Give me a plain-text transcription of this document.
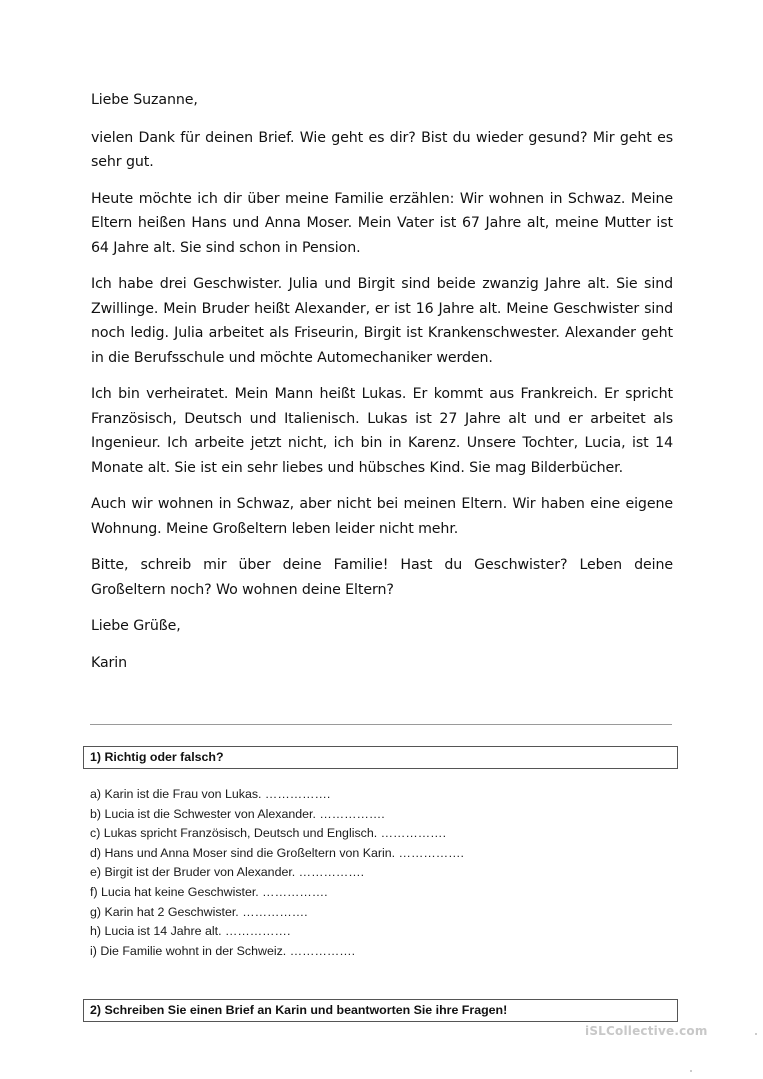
Liebe Suzanne,

vielen Dank für deinen Brief. Wie geht es dir? Bist du wieder gesund? Mir geht es sehr gut.

Heute möchte ich dir über meine Familie erzählen: Wir wohnen in Schwaz. Meine Eltern heißen Hans und Anna Moser. Mein Vater ist 67 Jahre alt, meine Mutter ist 64 Jahre alt. Sie sind schon in Pension.

Ich habe drei Geschwister. Julia und Birgit sind beide zwanzig Jahre alt. Sie sind Zwillinge. Mein Bruder heißt Alexander, er ist 16 Jahre alt. Meine Geschwister sind noch ledig. Julia arbeitet als Friseurin, Birgit ist Krankenschwester. Alexander geht in die Berufsschule und möchte Automechaniker werden.

Ich bin verheiratet. Mein Mann heißt Lukas. Er kommt aus Frankreich. Er spricht Französisch, Deutsch und Italienisch. Lukas ist 27 Jahre alt und er arbeitet als Ingenieur. Ich arbeite jetzt nicht, ich bin in Karenz. Unsere Tochter, Lucia, ist 14 Monate alt. Sie ist ein sehr liebes und hübsches Kind. Sie mag Bilderbücher.

Auch wir wohnen in Schwaz, aber nicht bei meinen Eltern. Wir haben eine eigene Wohnung. Meine Großeltern leben leider nicht mehr.

Bitte, schreib mir über deine Familie! Hast du Geschwister? Leben deine Großeltern noch? Wo wohnen deine Eltern?

Liebe Grüße,

Karin

1) Richtig oder falsch?
a) Karin ist die Frau von Lukas. …………….
b) Lucia ist die Schwester von Alexander. …………….
c) Lukas spricht Französisch, Deutsch und Englisch. …………….
d) Hans und Anna Moser sind die Großeltern von Karin. …………….
e) Birgit ist der Bruder von Alexander. …………….
f) Lucia hat keine Geschwister. …………….
g) Karin hat 2 Geschwister. …………….
h) Lucia ist 14 Jahre alt. …………….
i) Die Familie wohnt in der Schweiz. …………….
2) Schreiben Sie einen Brief an Karin und beantworten Sie ihre Fragen!
iSLCollective.com
